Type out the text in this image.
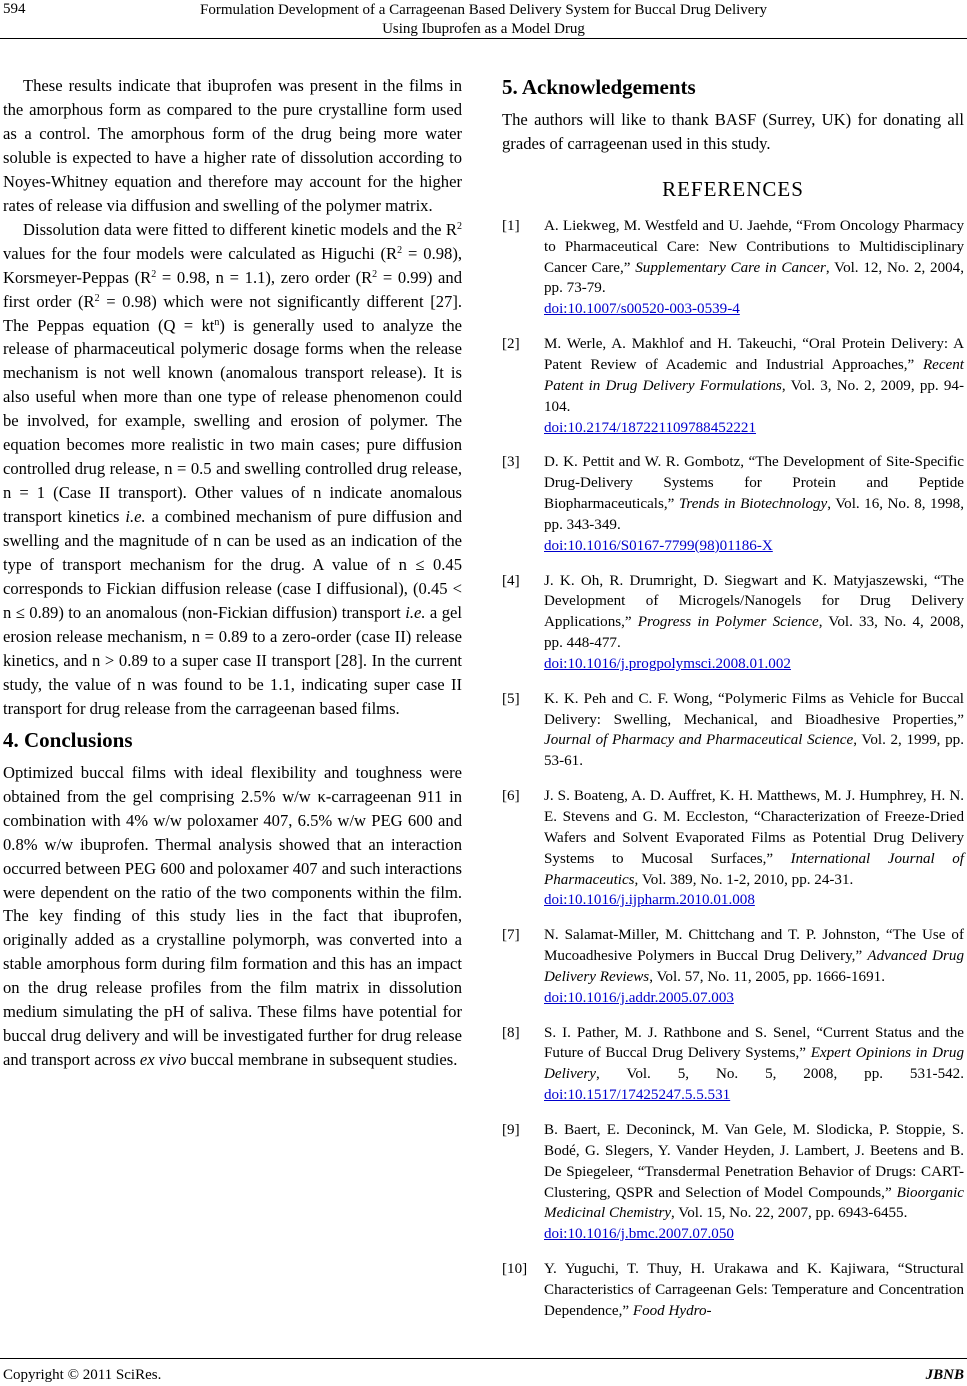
594	Formulation Development of a Carrageenan Based Delivery System for Buccal Drug Delivery
Using Ibuprofen as a Model Drug

These results indicate that ibuprofen was present in the films in the amorphous form as compared to the pure crystalline form used as a control. The amorphous form of the drug being more water soluble is expected to have a higher rate of dissolution according to Noyes-Whitney equation and therefore may account for the higher rates of release via diffusion and swelling of the polymer matrix.

Dissolution data were fitted to different kinetic models and the $R^2$ values for the four models were calculated as Higuchi $(R^2 = 0.98)$, Korsmeyer-Peppas ($R^2 = 0.98$, n = 1.1), zero order $(R^2 = 0.99)$ and first order $(R^2 = 0.98)$ which were not significantly different [27]. The Peppas equation $(Q = kt^n)$ is generally used to analyze the release of pharmaceutical polymeric dosage forms when the release mechanism is not well known (anomalous transport release). It is also useful when more than one type of release phenomenon could be involved, for example, swelling and erosion of polymer. The equation becomes more realistic in two main cases; pure diffusion controlled drug release, n = 0.5 and swelling controlled drug release, n = 1 (Case II transport). Other values of n indicate anomalous transport kinetics i.e. a combined mechanism of pure diffusion and swelling and the magnitude of n can be used as an indication of the type of transport mechanism for the drug. A value of n ≤ 0.45 corresponds to Fickian diffusion release (case I diffusional), (0.45 < n ≤ 0.89) to an anomalous (non-Fickian diffusion) transport i.e. a gel erosion release mechanism, n = 0.89 to a zero-order (case II) release kinetics, and n > 0.89 to a super case II transport [28]. In the current study, the value of n was found to be 1.1, indicating super case II transport for drug release from the carrageenan based films.

4. Conclusions

Optimized buccal films with ideal flexibility and toughness were obtained from the gel comprising 2.5% w/w κ-carrageenan 911 in combination with 4% w/w poloxamer 407, 6.5% w/w PEG 600 and 0.8% w/w ibuprofen. Thermal analysis showed that an interaction occurred between PEG 600 and poloxamer 407 and such interactions were dependent on the ratio of the two components within the film. The key finding of this study lies in the fact that ibuprofen, originally added as a crystalline polymorph, was converted into a stable amorphous form during film formation and this has an impact on the drug release profiles from the film matrix in dissolution medium simulating the pH of saliva. These films have potential for buccal drug delivery and will be investigated further for drug release and transport across ex vivo buccal membrane in subsequent studies.

5. Acknowledgements

The authors will like to thank BASF (Surrey, UK) for donating all grades of carrageenan used in this study.

REFERENCES
[1]	A. Liekweg, M. Westfeld and U. Jaehde, “From Oncology Pharmacy to Pharmaceutical Care: New Contributions to Multidisciplinary Cancer Care,” Supplementary Care in Cancer, Vol. 12, No. 2, 2004, pp. 73-79.
doi:10.1007/s00520-003-0539-4
[2]	M. Werle, A. Makhlof and H. Takeuchi, “Oral Protein Delivery: A Patent Review of Academic and Industrial Approaches,” Recent Patent in Drug Delivery Formulations, Vol. 3, No. 2, 2009, pp. 94-104.
doi:10.2174/187221109788452221
[3]	D. K. Pettit and W. R. Gombotz, “The Development of Site-Specific Drug-Delivery Systems for Protein and Peptide Biopharmaceuticals,” Trends in Biotechnology, Vol. 16, No. 8, 1998, pp. 343-349.
doi:10.1016/S0167-7799(98)01186-X
[4]	J. K. Oh, R. Drumright, D. Siegwart and K. Matyjaszewski, “The Development of Microgels/Nanogels for Drug Delivery Applications,” Progress in Polymer Science, Vol. 33, No. 4, 2008, pp. 448-477.
doi:10.1016/j.progpolymsci.2008.01.002
[5]	K. K. Peh and C. F. Wong, “Polymeric Films as Vehicle for Buccal Delivery: Swelling, Mechanical, and Bioadhesive Properties,” Journal of Pharmacy and Pharmaceutical Science, Vol. 2, 1999, pp. 53-61.
[6]	J. S. Boateng, A. D. Auffret, K. H. Matthews, M. J. Humphrey, H. N. E. Stevens and G. M. Eccleston, “Characterization of Freeze-Dried Wafers and Solvent Evaporated Films as Potential Drug Delivery Systems to Mucosal Surfaces,” International Journal of Pharmaceutics, Vol. 389, No. 1-2, 2010, pp. 24-31.
doi:10.1016/j.ijpharm.2010.01.008
[7]	N. Salamat-Miller, M. Chittchang and T. P. Johnston, “The Use of Mucoadhesive Polymers in Buccal Drug Delivery,” Advanced Drug Delivery Reviews, Vol. 57, No. 11, 2005, pp. 1666-1691.
doi:10.1016/j.addr.2005.07.003
[8]	S. I. Pather, M. J. Rathbone and S. Senel, “Current Status and the Future of Buccal Drug Delivery Systems,” Expert Opinions in Drug Delivery, Vol. 5, No. 5, 2008, pp. 531-542. doi:10.1517/17425247.5.5.531
[9]	B. Baert, E. Deconinck, M. Van Gele, M. Slodicka, P. Stoppie, S. Bodé, G. Slegers, Y. Vander Heyden, J. Lambert, J. Beetens and B. De Spiegeleer, “Transdermal Penetration Behavior of Drugs: CART-Clustering, QSPR and Selection of Model Compounds,” Bioorganic Medicinal Chemistry, Vol. 15, No. 22, 2007, pp. 6943-6455.
doi:10.1016/j.bmc.2007.07.050
[10]	Y. Yuguchi, T. Thuy, H. Urakawa and K. Kajiwara, “Structural Characteristics of Carrageenan Gels: Temperature and Concentration Dependence,” Food Hydro-
Copyright © 2011 SciRes.	JBNB
